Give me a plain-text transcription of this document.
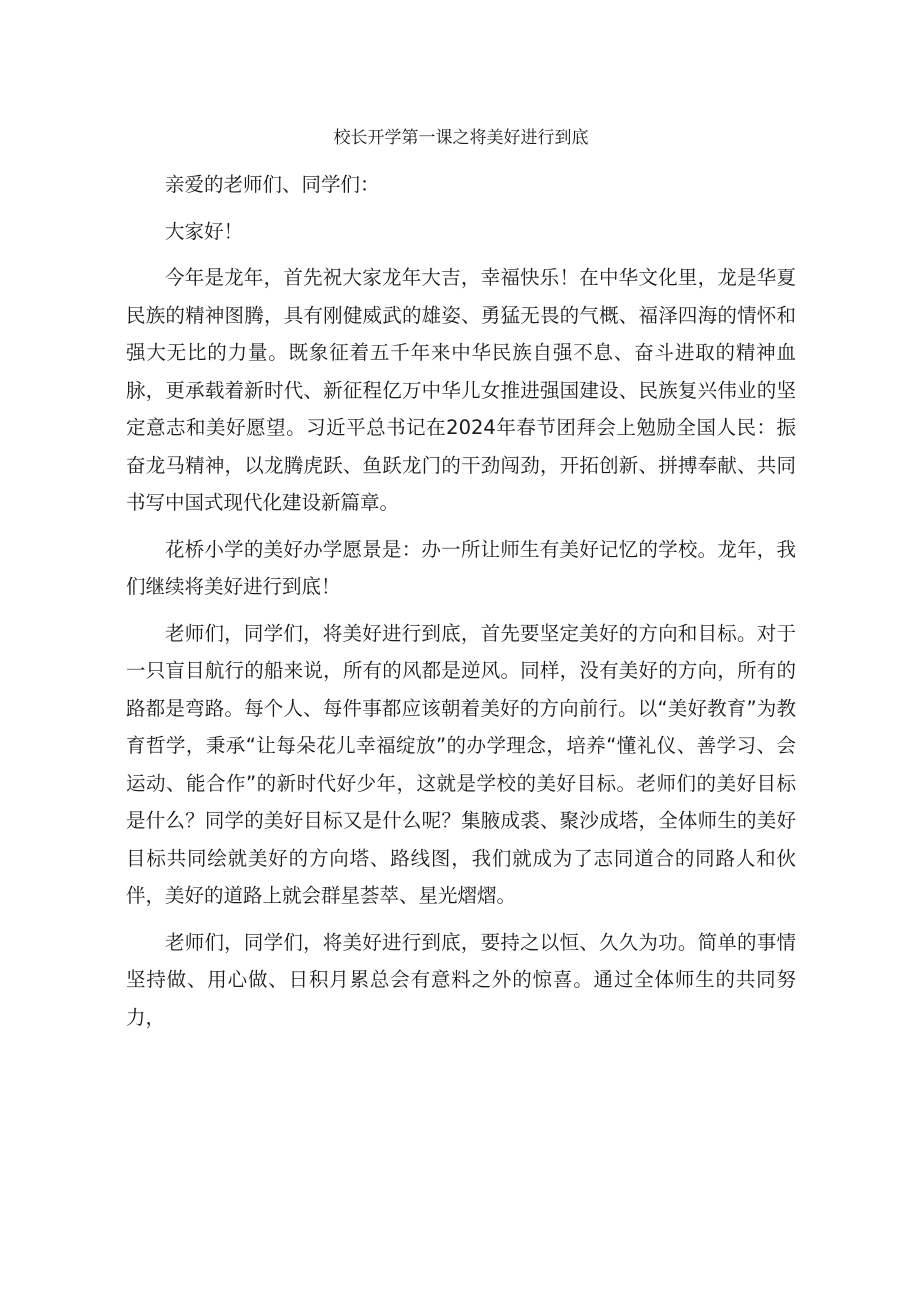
校长开学第一课之将美好进行到底

亲爱的老师们、同学们：

大家好！

今年是龙年，首先祝大家龙年大吉，幸福快乐！在中华文化里，龙是华夏民族的精神图腾，具有刚健威武的雄姿、勇猛无畏的气概、福泽四海的情怀和强大无比的力量。既象征着五千年来中华民族自强不息、奋斗进取的精神血脉，更承载着新时代、新征程亿万中华儿女推进强国建设、民族复兴伟业的坚定意志和美好愿望。习近平总书记在2024年春节团拜会上勉励全国人民：振奋龙马精神，以龙腾虎跃、鱼跃龙门的干劲闯劲，开拓创新、拼搏奉献、共同书写中国式现代化建设新篇章。

花桥小学的美好办学愿景是：办一所让师生有美好记忆的学校。龙年，我们继续将美好进行到底！

老师们，同学们，将美好进行到底，首先要坚定美好的方向和目标。对于一只盲目航行的船来说，所有的风都是逆风。同样，没有美好的方向，所有的路都是弯路。每个人、每件事都应该朝着美好的方向前行。以“美好教育”为教育哲学，秉承“让每朵花儿幸福绽放”的办学理念，培养“懂礼仪、善学习、会运动、能合作”的新时代好少年，这就是学校的美好目标。老师们的美好目标是什么？同学的美好目标又是什么呢？集腋成裘、聚沙成塔，全体师生的美好目标共同绘就美好的方向塔、路线图，我们就成为了志同道合的同路人和伙伴，美好的道路上就会群星荟萃、星光熠熠。

老师们，同学们，将美好进行到底，要持之以恒、久久为功。简单的事情坚持做、用心做、日积月累总会有意料之外的惊喜。通过全体师生的共同努力，
